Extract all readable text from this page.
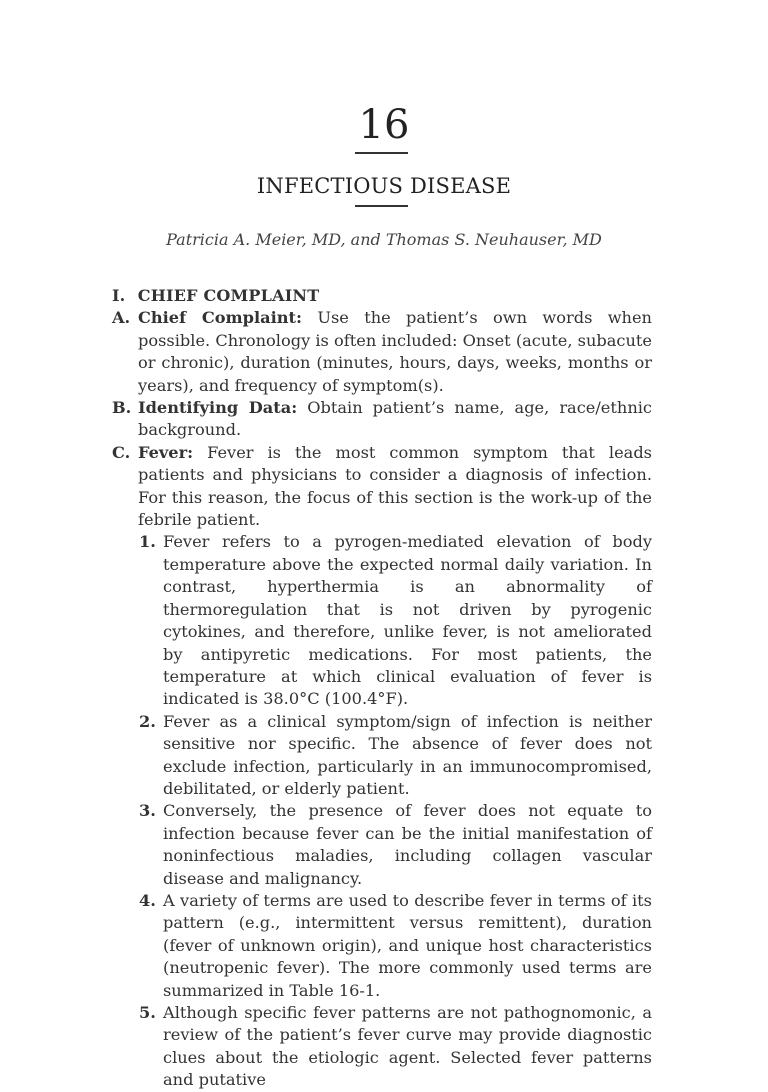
16
INFECTIOUS DISEASE
Patricia A. Meier, MD, and Thomas S. Neuhauser, MD
I. CHIEF COMPLAINT
A. Chief Complaint: Use the patient’s own words when possible. Chronology is often included: Onset (acute, subacute or chronic), duration (minutes, hours, days, weeks, months or years), and frequency of symptom(s).
B. Identifying Data: Obtain patient’s name, age, race/ethnic background.
C. Fever: Fever is the most common symptom that leads patients and physicians to consider a diagnosis of infection. For this reason, the focus of this section is the work-up of the febrile patient.
1. Fever refers to a pyrogen-mediated elevation of body temperature above the expected normal daily variation. In contrast, hyperthermia is an abnormality of thermoregulation that is not driven by pyrogenic cytokines, and therefore, unlike fever, is not ameliorated by antipyretic medications. For most patients, the temperature at which clinical evaluation of fever is indicated is 38.0°C (100.4°F).
2. Fever as a clinical symptom/sign of infection is neither sensitive nor specific. The absence of fever does not exclude infection, particularly in an immunocompromised, debilitated, or elderly patient.
3. Conversely, the presence of fever does not equate to infection because fever can be the initial manifestation of noninfectious maladies, including collagen vascular disease and malignancy.
4. A variety of terms are used to describe fever in terms of its pattern (e.g., intermittent versus remittent), duration (fever of unknown origin), and unique host characteristics (neutropenic fever). The more commonly used terms are summarized in Table 16-1.
5. Although specific fever patterns are not pathognomonic, a review of the patient’s fever curve may provide diagnostic clues about the etiologic agent. Selected fever patterns and putative
